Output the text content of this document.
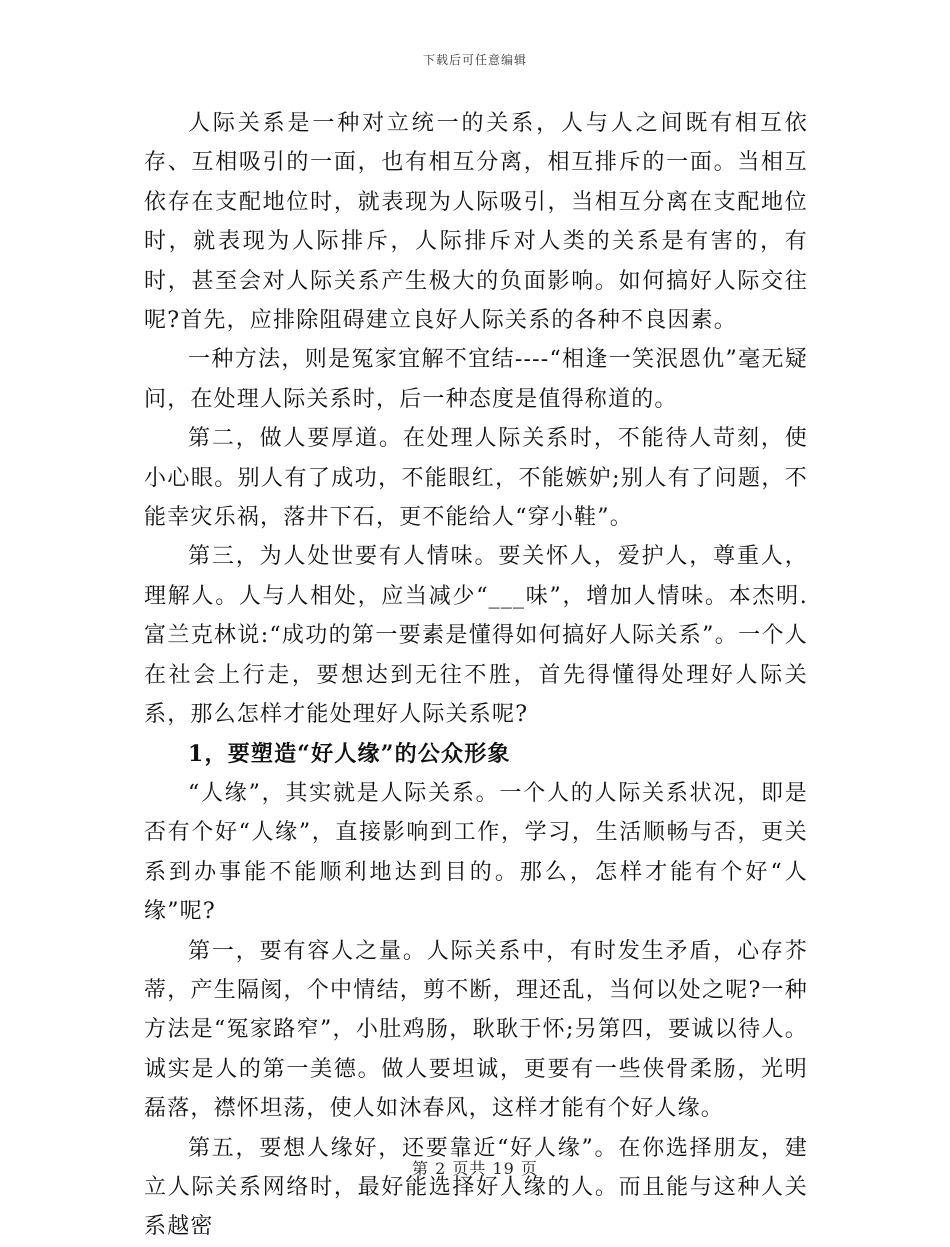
下载后可任意编辑

人际关系是一种对立统一的关系，人与人之间既有相互依存、互相吸引的一面，也有相互分离，相互排斥的一面。当相互依存在支配地位时，就表现为人际吸引，当相互分离在支配地位时，就表现为人际排斥，人际排斥对人类的关系是有害的，有时，甚至会对人际关系产生极大的负面影响。如何搞好人际交往呢?首先，应排除阻碍建立良好人际关系的各种不良因素。

一种方法，则是冤家宜解不宜结----“相逢一笑泯恩仇”毫无疑问，在处理人际关系时，后一种态度是值得称道的。

第二，做人要厚道。在处理人际关系时，不能待人苛刻，使小心眼。别人有了成功，不能眼红，不能嫉妒;别人有了问题，不能幸灾乐祸，落井下石，更不能给人“穿小鞋”。

第三，为人处世要有人情味。要关怀人，爱护人，尊重人，理解人。人与人相处，应当减少“___味”，增加人情味。本杰明.富兰克林说:“成功的第一要素是懂得如何搞好人际关系”。一个人在社会上行走，要想达到无往不胜，首先得懂得处理好人际关系，那么怎样才能处理好人际关系呢?

1，要塑造“好人缘”的公众形象

“人缘”，其实就是人际关系。一个人的人际关系状况，即是否有个好“人缘”，直接影响到工作，学习，生活顺畅与否，更关系到办事能不能顺利地达到目的。那么，怎样才能有个好“人缘”呢?

第一，要有容人之量。人际关系中，有时发生矛盾，心存芥蒂，产生隔阂，个中情结，剪不断，理还乱，当何以处之呢?一种方法是“冤家路窄”，小肚鸡肠，耿耿于怀;另第四，要诚以待人。诚实是人的第一美德。做人要坦诚，更要有一些侠骨柔肠，光明磊落，襟怀坦荡，使人如沐春风，这样才能有个好人缘。

第五，要想人缘好，还要靠近“好人缘”。在你选择朋友，建立人际关系网络时，最好能选择好人缘的人。而且能与这种人关系越密

第 2 页共 19 页
